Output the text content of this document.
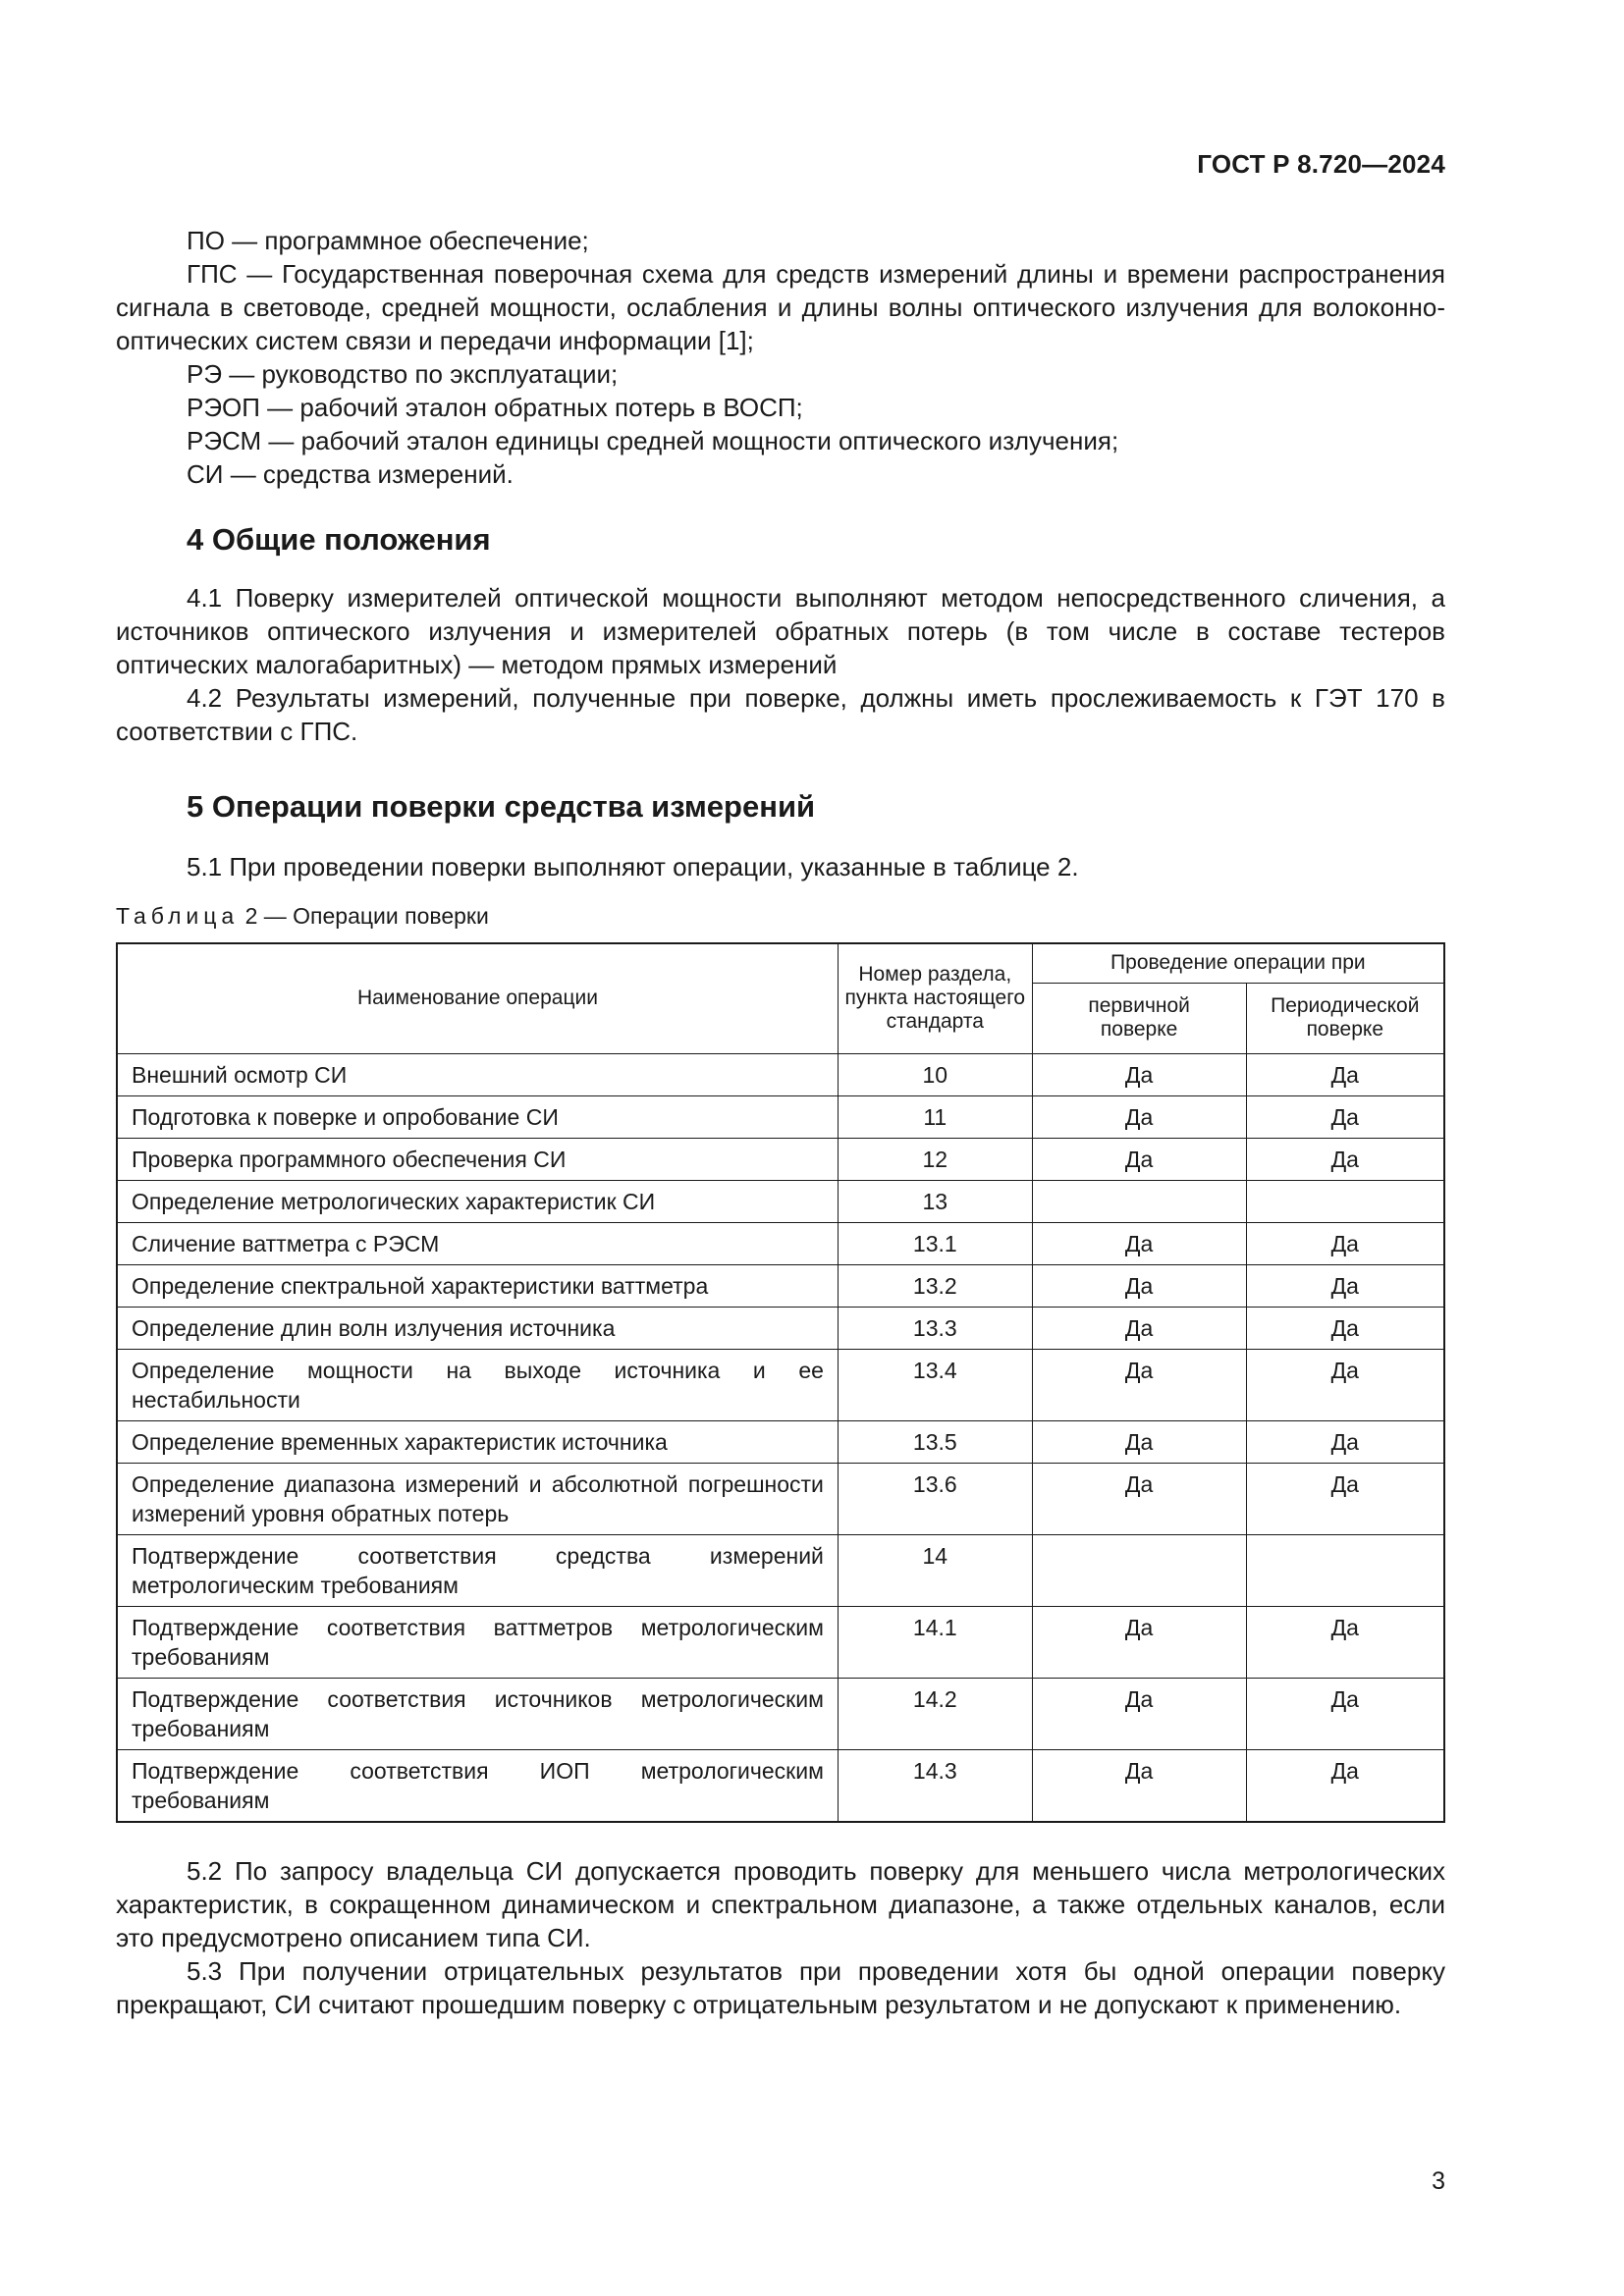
ГОСТ Р 8.720—2024

ПО — программное обеспечение;

ГПС — Государственная поверочная схема для средств измерений длины и времени распространения сигнала в световоде, средней мощности, ослабления и длины волны оптического излучения для волоконно-оптических систем связи и передачи информации [1];

РЭ — руководство по эксплуатации;

РЭОП — рабочий эталон обратных потерь в ВОСП;

РЭСМ — рабочий эталон единицы средней мощности оптического излучения;

СИ — средства измерений.

4 Общие положения

4.1 Поверку измерителей оптической мощности выполняют методом непосредственного сличения, а источников оптического излучения и измерителей обратных потерь (в том числе в составе тестеров оптических малогабаритных) — методом прямых измерений

4.2 Результаты измерений, полученные при поверке, должны иметь прослеживаемость к ГЭТ 170 в соответствии с ГПС.

5 Операции поверки средства измерений

5.1 При проведении поверки выполняют операции, указанные в таблице 2.

Таблица 2 — Операции поверки
Наименование операции	Номер раздела, пункта настоящего стандарта	Проведение операции при	
		первичной поверке	Периодической поверке
Внешний осмотр СИ	10	Да	Да
Подготовка к поверке и опробование СИ	11	Да	Да
Проверка программного обеспечения СИ	12	Да	Да
Определение метрологических характеристик СИ	13		
Сличение ваттметра с РЭСМ	13.1	Да	Да
Определение спектральной характеристики ваттметра	13.2	Да	Да
Определение длин волн излучения источника	13.3	Да	Да
Определение мощности на выходе источника и ее нестабильности	13.4	Да	Да
Определение временных характеристик источника	13.5	Да	Да
Определение диапазона измерений и абсолютной погрешности измерений уровня обратных потерь	13.6	Да	Да
Подтверждение соответствия средства измерений метрологическим требованиям	14		
Подтверждение соответствия ваттметров метрологическим требованиям	14.1	Да	Да
Подтверждение соответствия источников метрологическим требованиям	14.2	Да	Да
Подтверждение соответствия ИОП метрологическим требованиям	14.3	Да	Да

5.2 По запросу владельца СИ допускается проводить поверку для меньшего числа метрологических характеристик, в сокращенном динамическом и спектральном диапазоне, а также отдельных каналов, если это предусмотрено описанием типа СИ.

5.3 При получении отрицательных результатов при проведении хотя бы одной операции поверку прекращают, СИ считают прошедшим поверку с отрицательным результатом и не допускают к применению.

3
